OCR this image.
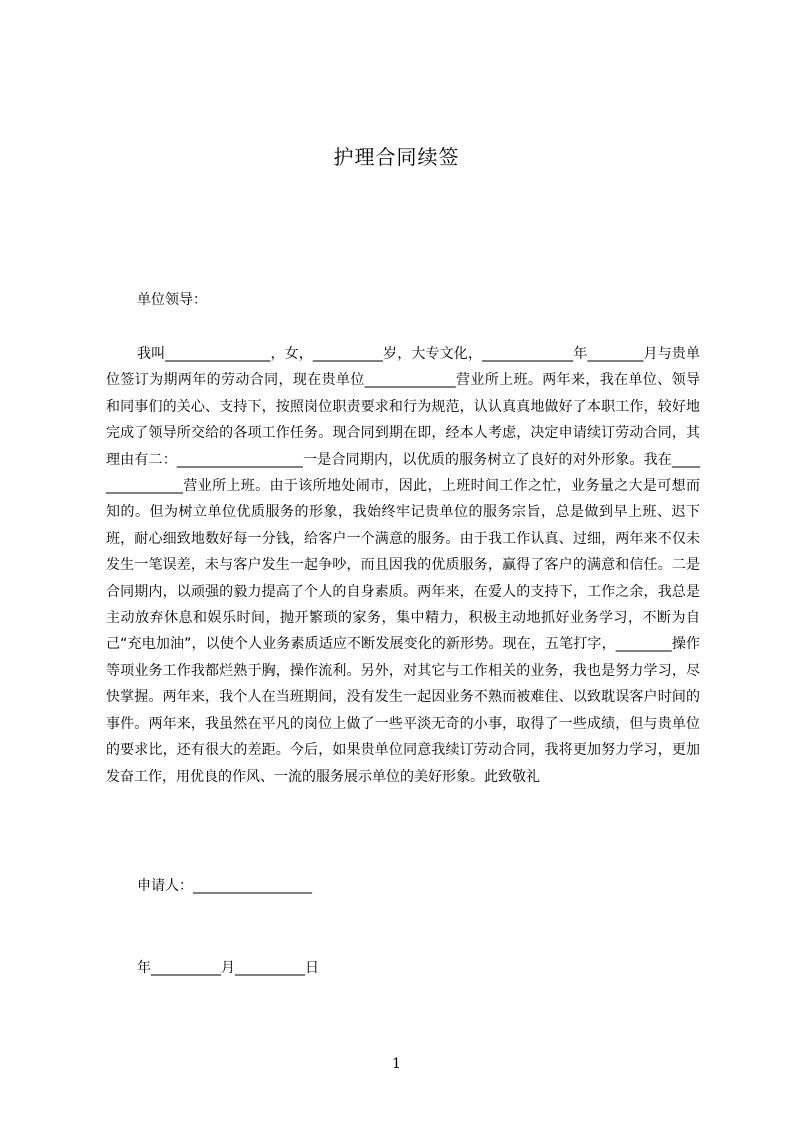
护理合同续签
单位领导：

我叫_______________，女，__________岁，大专文化，_____________年________月与贵单位签订为期两年的劳动合同，现在贵单位_____________营业所上班。两年来，我在单位、领导和同事们的关心、支持下，按照岗位职责要求和行为规范，认认真真地做好了本职工作，较好地完成了领导所交给的各项工作任务。现合同到期在即，经本人考虑，决定申请续订劳动合同，其理由有二：__________________一是合同期内，以优质的服务树立了良好的对外形象。我在_______________营业所上班。由于该所地处闹市，因此，上班时间工作之忙，业务量之大是可想而知的。但为树立单位优质服务的形象，我始终牢记贵单位的服务宗旨，总是做到早上班、迟下班，耐心细致地数好每一分钱，给客户一个满意的服务。由于我工作认真、过细，两年来不仅未发生一笔误差，未与客户发生一起争吵，而且因我的优质服务，赢得了客户的满意和信任。二是合同期内，以顽强的毅力提高了个人的自身素质。两年来，在爱人的支持下，工作之余，我总是主动放弃休息和娱乐时间，抛开繁琐的家务，集中精力，积极主动地抓好业务学习，不断为自己“充电加油”，以使个人业务素质适应不断发展变化的新形势。现在，五笔打字，________操作等项业务工作我都烂熟于胸，操作流利。另外，对其它与工作相关的业务，我也是努力学习，尽快掌握。两年来，我个人在当班期间，没有发生一起因业务不熟而被难住、以致耽误客户时间的事件。两年来，我虽然在平凡的岗位上做了一些平淡无奇的小事，取得了一些成绩，但与贵单位的要求比，还有很大的差距。今后，如果贵单位同意我续订劳动合同，我将更加努力学习，更加发奋工作，用优良的作风、一流的服务展示单位的美好形象。此致敬礼

申请人：_________________
年__________月__________日
1
